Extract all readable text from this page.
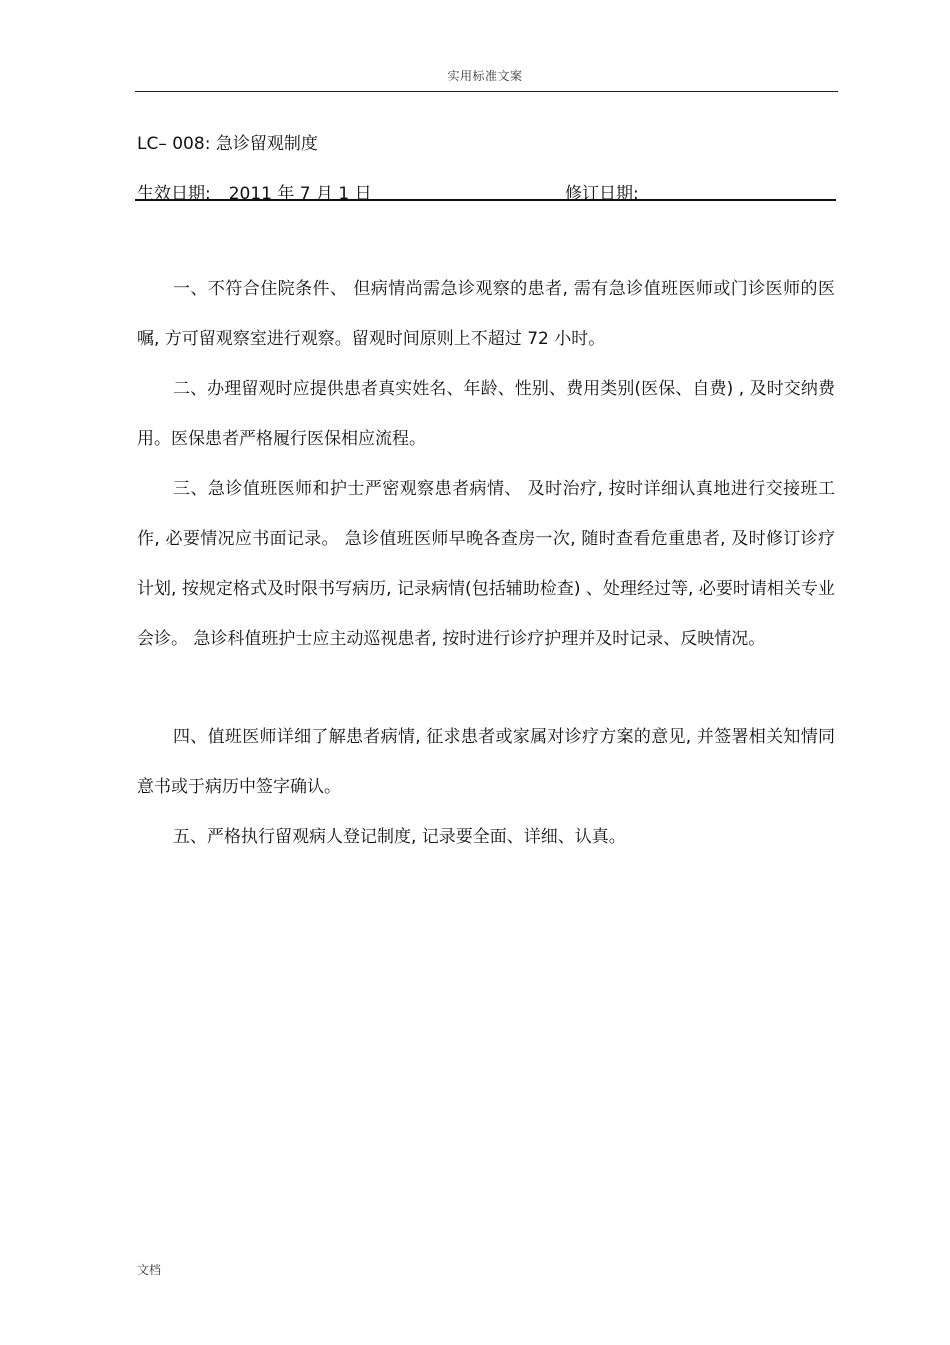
实用标准文案
LC– 008: 急诊留观制度
生效日期: 2011 年 7 月 1 日	修订日期:

一、不符合住院条件、 但病情尚需急诊观察的患者, 需有急诊值班医师或门诊医师的医嘱, 方可留观察室进行观察。留观时间原则上不超过 72 小时。

二、办理留观时应提供患者真实姓名、年龄、性别、费用类别(医保、自费) , 及时交纳费用。医保患者严格履行医保相应流程。

三、急诊值班医师和护士严密观察患者病情、 及时治疗, 按时详细认真地进行交接班工作, 必要情况应书面记录。 急诊值班医师早晚各查房一次, 随时查看危重患者, 及时修订诊疗计划, 按规定格式及时限书写病历, 记录病情(包括辅助检查) 、处理经过等, 必要时请相关专业会诊。 急诊科值班护士应主动巡视患者, 按时进行诊疗护理并及时记录、反映情况。

四、值班医师详细了解患者病情, 征求患者或家属对诊疗方案的意见, 并签署相关知情同意书或于病历中签字确认。

五、严格执行留观病人登记制度, 记录要全面、详细、认真。

文档
